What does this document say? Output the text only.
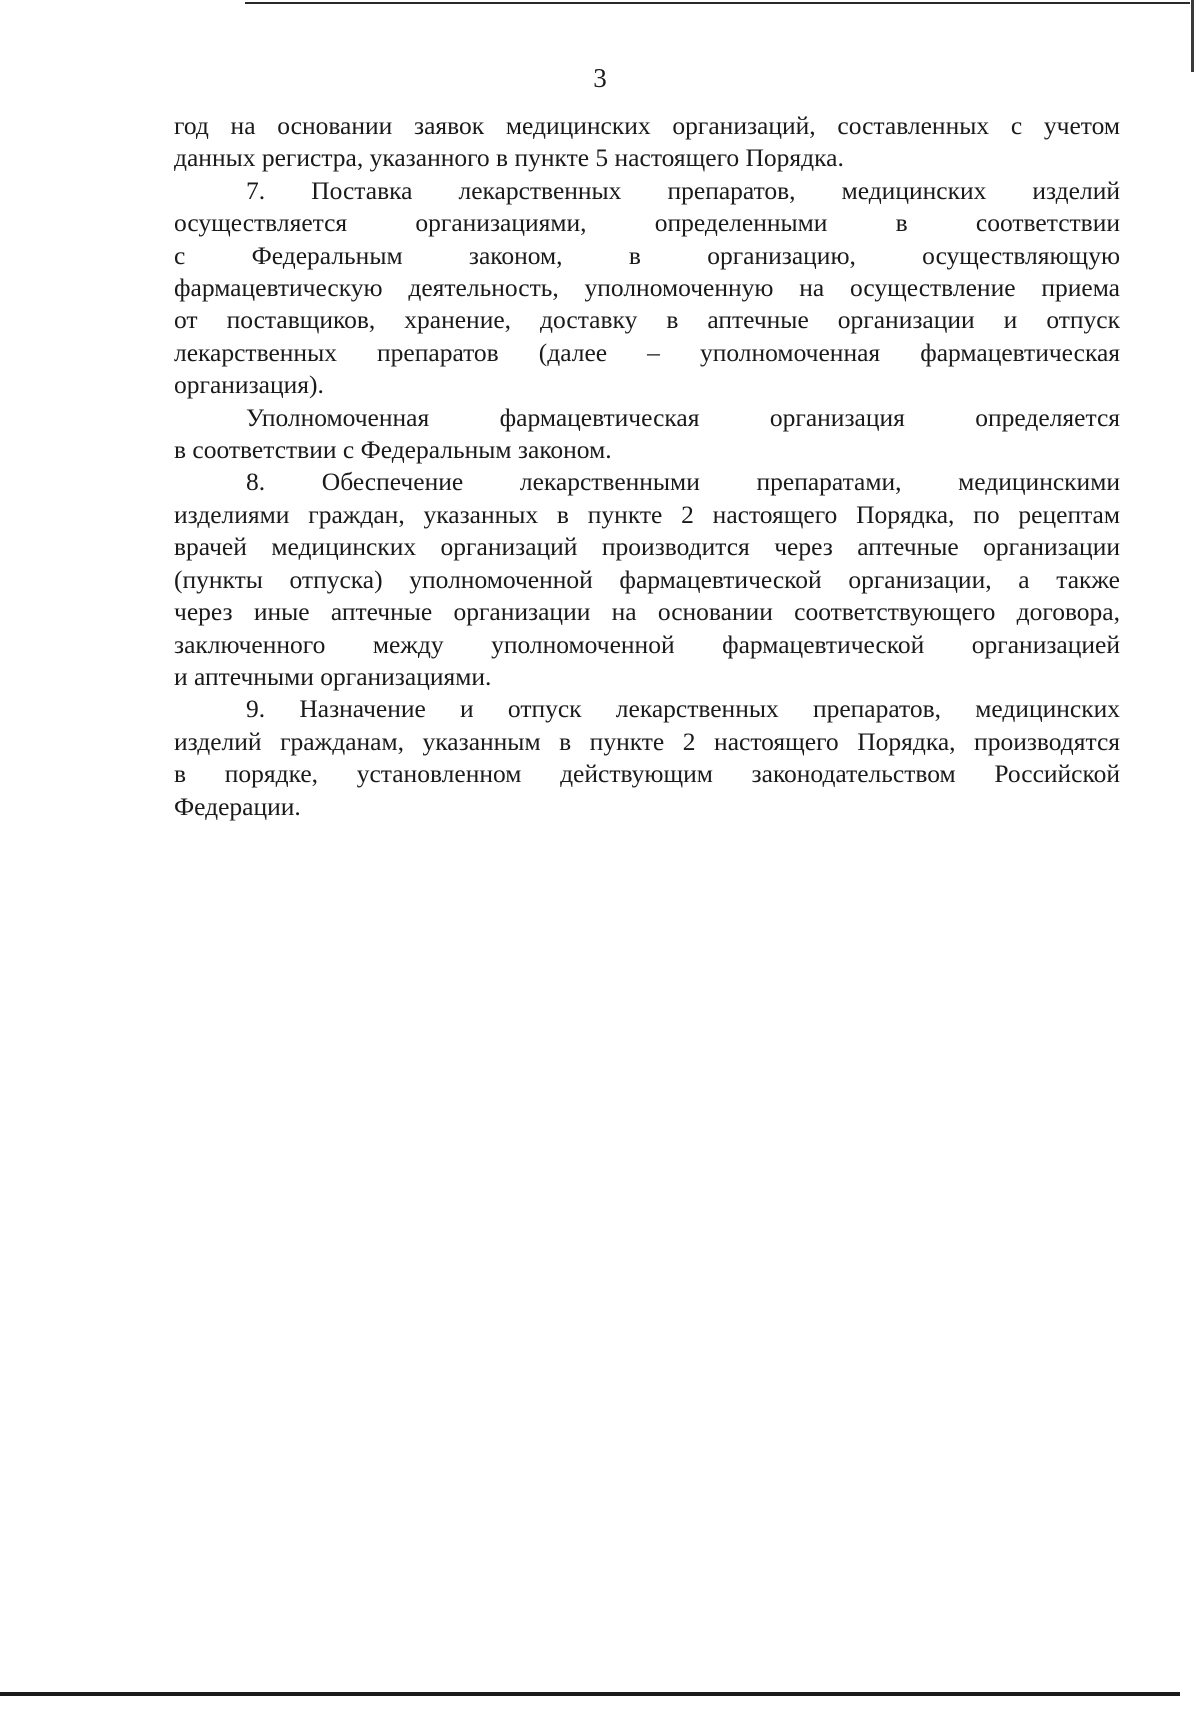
3

год на основании заявок медицинских организаций, составленных с учетом
данных регистра, указанного в пункте 5 настоящего Порядка.

7. Поставка лекарственных препаратов, медицинских изделий
осуществляется организациями, определенными в соответствии
с Федеральным законом, в организацию, осуществляющую
фармацевтическую деятельность, уполномоченную на осуществление приема
от поставщиков, хранение, доставку в аптечные организации и отпуск
лекарственных препаратов (далее – уполномоченная фармацевтическая
организация).

Уполномоченная фармацевтическая организация определяется
в соответствии с Федеральным законом.

8. Обеспечение лекарственными препаратами, медицинскими
изделиями граждан, указанных в пункте 2 настоящего Порядка, по рецептам
врачей медицинских организаций производится через аптечные организации
(пункты отпуска) уполномоченной фармацевтической организации, а также
через иные аптечные организации на основании соответствующего договора,
заключенного между уполномоченной фармацевтической организацией
и аптечными организациями.

9. Назначение и отпуск лекарственных препаратов, медицинских
изделий гражданам, указанным в пункте 2 настоящего Порядка, производятся
в порядке, установленном действующим законодательством Российской
Федерации.
